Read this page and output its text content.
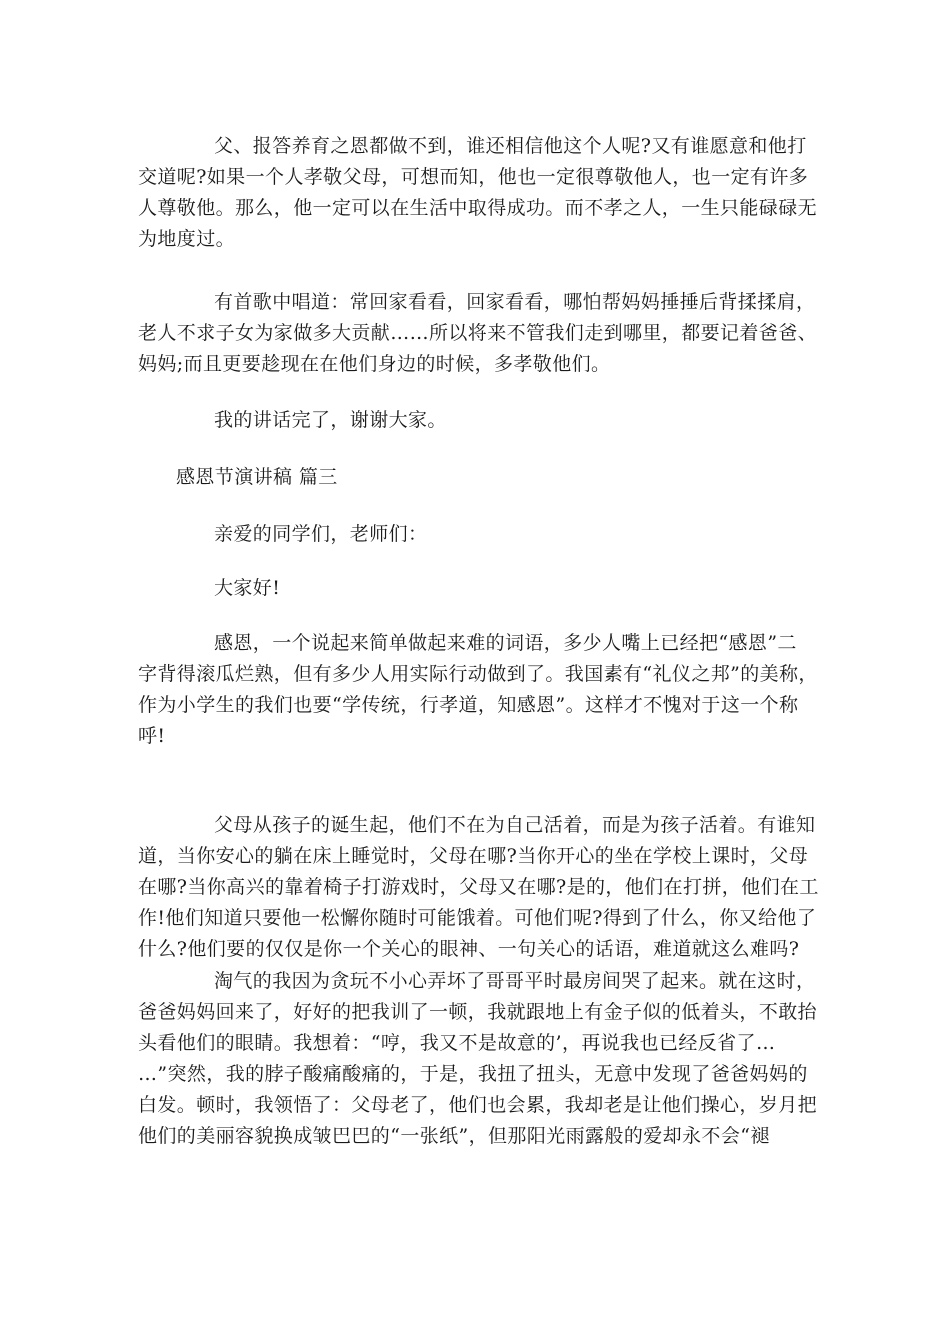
父、报答养育之恩都做不到，谁还相信他这个人呢?又有谁愿意和他打
交道呢?如果一个人孝敬父母，可想而知，他也一定很尊敬他人，也一定有许多
人尊敬他。那么，他一定可以在生活中取得成功。而不孝之人，一生只能碌碌无
为地度过。
有首歌中唱道：常回家看看，回家看看，哪怕帮妈妈捶捶后背揉揉肩，
老人不求子女为家做多大贡献……所以将来不管我们走到哪里，都要记着爸爸、
妈妈;而且更要趁现在在他们身边的时候，多孝敬他们。
我的讲话完了，谢谢大家。
感恩节演讲稿 篇三
亲爱的同学们，老师们：
大家好!
感恩，一个说起来简单做起来难的词语，多少人嘴上已经把“感恩”二
字背得滚瓜烂熟，但有多少人用实际行动做到了。我国素有“礼仪之邦”的美称，
作为小学生的我们也要“学传统，行孝道，知感恩”。这样才不愧对于这一个称
呼!
父母从孩子的诞生起，他们不在为自己活着，而是为孩子活着。有谁知
道，当你安心的躺在床上睡觉时，父母在哪?当你开心的坐在学校上课时，父母
在哪?当你高兴的靠着椅子打游戏时，父母又在哪?是的，他们在打拼，他们在工
作!他们知道只要他一松懈你随时可能饿着。可他们呢?得到了什么，你又给他了
什么?他们要的仅仅是你一个关心的眼神、一句关心的话语，难道就这么难吗?
淘气的我因为贪玩不小心弄坏了哥哥平时最房间哭了起来。就在这时，
爸爸妈妈回来了，好好的把我训了一顿，我就跟地上有金子似的低着头，不敢抬
头看他们的眼睛。我想着：“哼，我又不是故意的’，再说我也已经反省了…
…”突然，我的脖子酸痛酸痛的，于是，我扭了扭头，无意中发现了爸爸妈妈的
白发。顿时，我领悟了：父母老了，他们也会累，我却老是让他们操心，岁月把
他们的美丽容貌换成皱巴巴的“一张纸”，但那阳光雨露般的爱却永不会“褪
